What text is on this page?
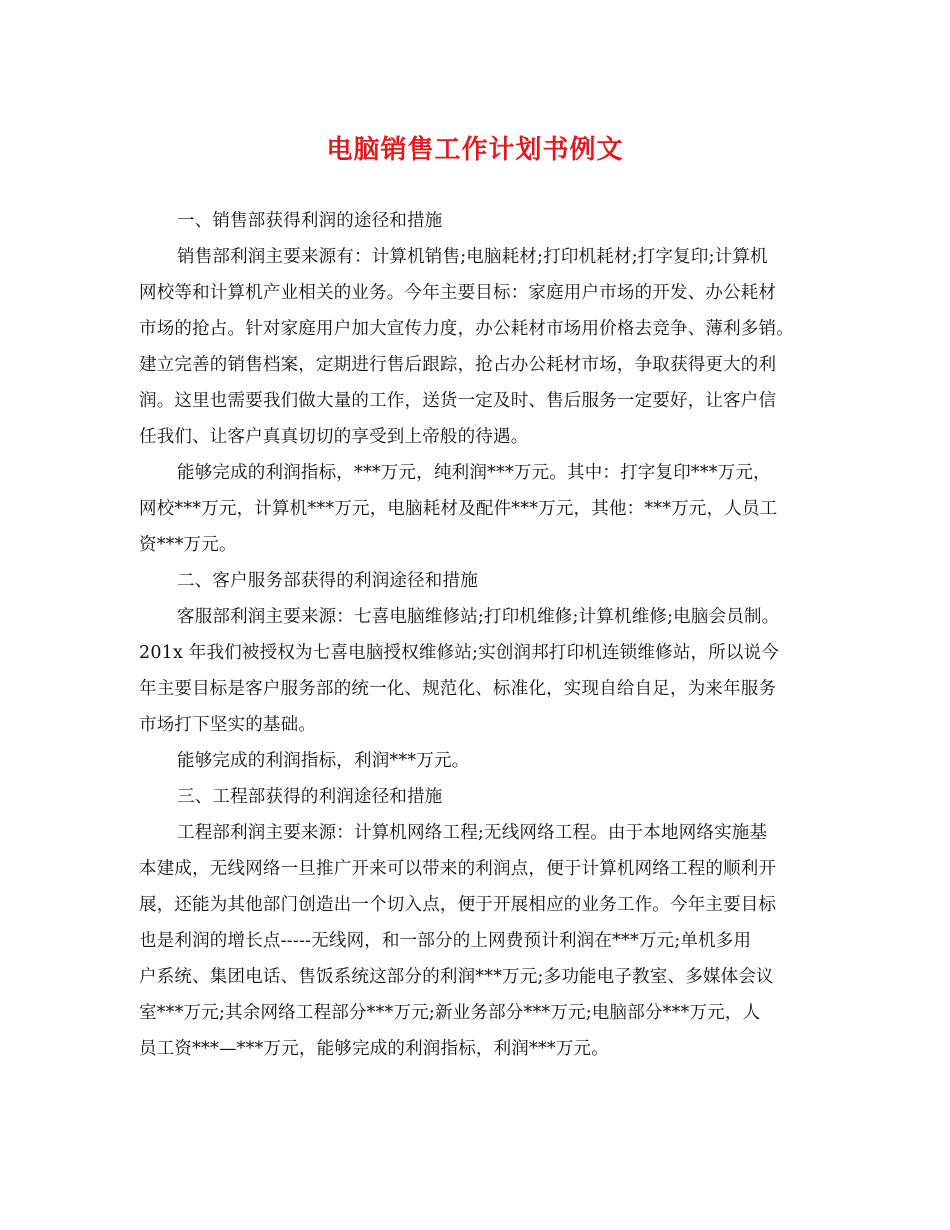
电脑销售工作计划书例文
一、销售部获得利润的途径和措施
销售部利润主要来源有：计算机销售;电脑耗材;打印机耗材;打字复印;计算机
网校等和计算机产业相关的业务。今年主要目标：家庭用户市场的开发、办公耗材
市场的抢占。针对家庭用户加大宣传力度，办公耗材市场用价格去竞争、薄利多销。
建立完善的销售档案，定期进行售后跟踪，抢占办公耗材市场，争取获得更大的利
润。这里也需要我们做大量的工作，送货一定及时、售后服务一定要好，让客户信
任我们、让客户真真切切的享受到上帝般的待遇。
能够完成的利润指标，***万元，纯利润***万元。其中：打字复印***万元，
网校***万元，计算机***万元，电脑耗材及配件***万元，其他：***万元，人员工
资***万元。
二、客户服务部获得的利润途径和措施
客服部利润主要来源：七喜电脑维修站;打印机维修;计算机维修;电脑会员制。
201x 年我们被授权为七喜电脑授权维修站;实创润邦打印机连锁维修站，所以说今
年主要目标是客户服务部的统一化、规范化、标准化，实现自给自足，为来年服务
市场打下坚实的基础。
能够完成的利润指标，利润***万元。
三、工程部获得的利润途径和措施
工程部利润主要来源：计算机网络工程;无线网络工程。由于本地网络实施基
本建成，无线网络一旦推广开来可以带来的利润点，便于计算机网络工程的顺利开
展，还能为其他部门创造出一个切入点，便于开展相应的业务工作。今年主要目标
也是利润的增长点-----无线网，和一部分的上网费预计利润在***万元;单机多用
户系统、集团电话、售饭系统这部分的利润***万元;多功能电子教室、多媒体会议
室***万元;其余网络工程部分***万元;新业务部分***万元;电脑部分***万元，人
员工资***—***万元，能够完成的利润指标，利润***万元。
